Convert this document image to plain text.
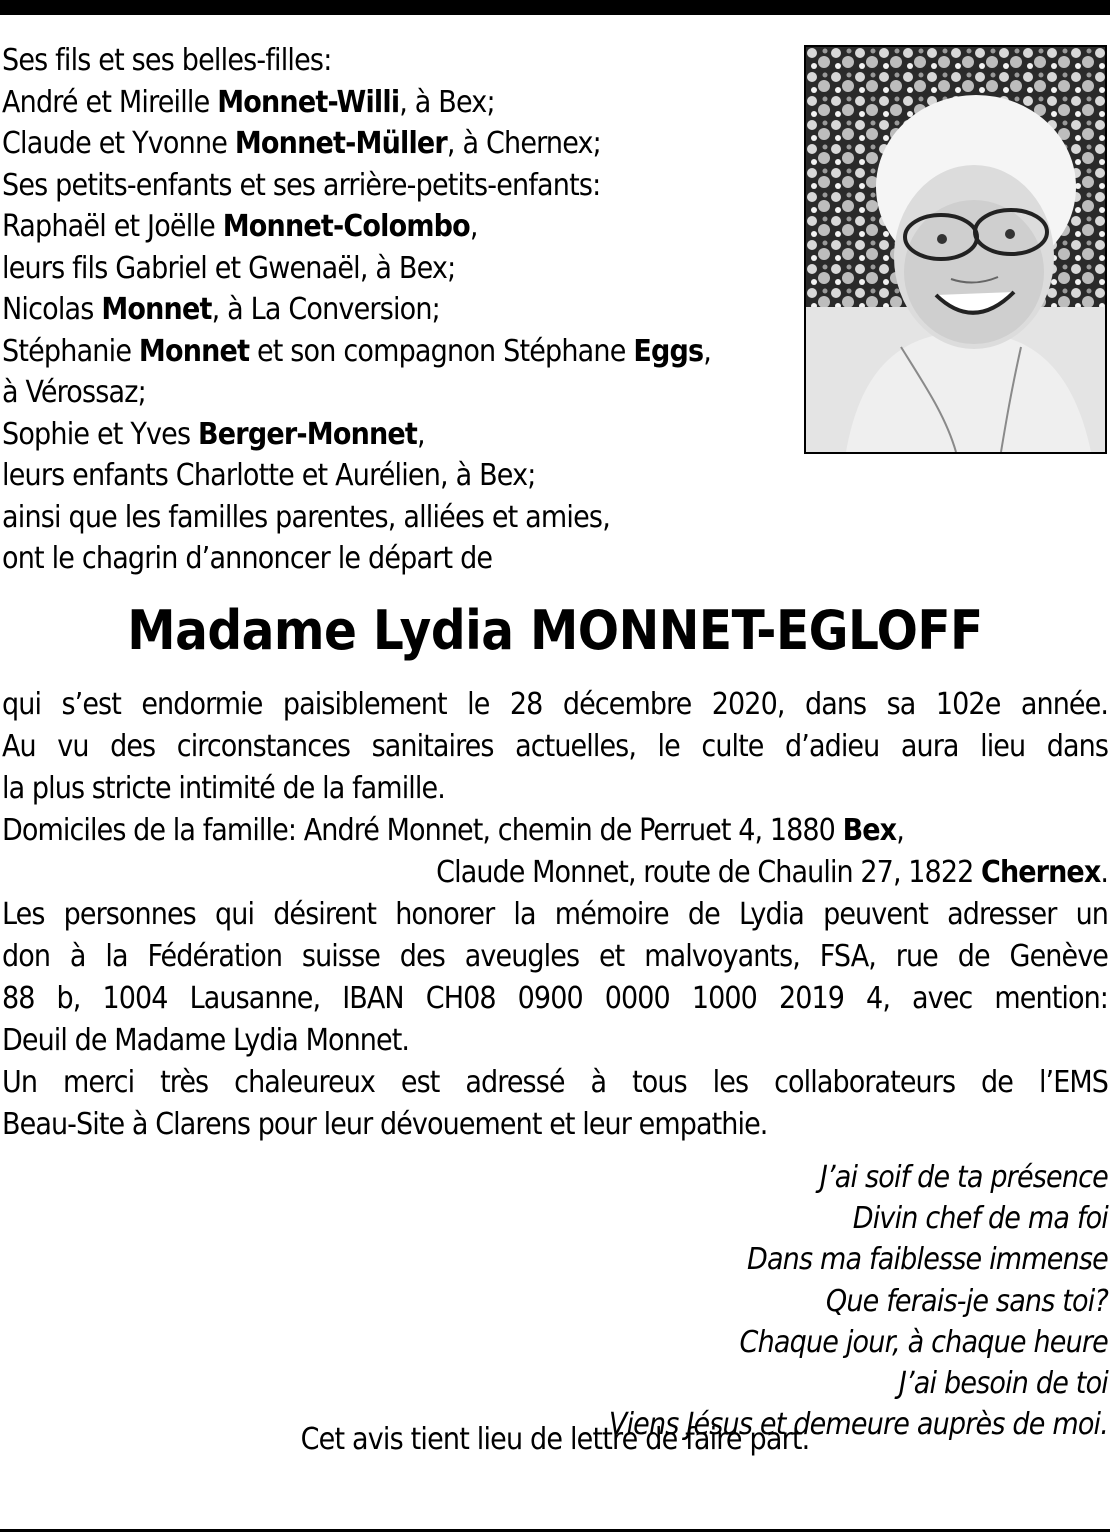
Ses fils et ses belles-filles:
André et Mireille Monnet-Willi, à Bex;
Claude et Yvonne Monnet-Müller, à Chernex;
Ses petits-enfants et ses arrière-petits-enfants:
Raphaël et Joëlle Monnet-Colombo,
leurs fils Gabriel et Gwenaël, à Bex;
Nicolas Monnet, à La Conversion;
Stéphanie Monnet et son compagnon Stéphane Eggs,
à Vérossaz;
Sophie et Yves Berger-Monnet,
leurs enfants Charlotte et Aurélien, à Bex;
ainsi que les familles parentes, alliées et amies,
ont le chagrin d’annoncer le départ de
Madame Lydia MONNET-EGLOFF
qui s’est endormie paisiblement le 28 décembre 2020, dans sa 102e année.
Au vu des circonstances sanitaires actuelles, le culte d’adieu aura lieu dans
la plus stricte intimité de la famille.
Domiciles de la famille: André Monnet, chemin de Perruet 4, 1880 Bex,
Claude Monnet, route de Chaulin 27, 1822 Chernex.
Les personnes qui désirent honorer la mémoire de Lydia peuvent adresser un
don à la Fédération suisse des aveugles et malvoyants, FSA, rue de Genève
88 b, 1004 Lausanne, IBAN CH08 0900 0000 1000 2019 4, avec mention:
Deuil de Madame Lydia Monnet.
Un merci très chaleureux est adressé à tous les collaborateurs de l’EMS
Beau-Site à Clarens pour leur dévouement et leur empathie.
J’ai soif de ta présence
Divin chef de ma foi
Dans ma faiblesse immense
Que ferais-je sans toi?
Chaque jour, à chaque heure
J’ai besoin de toi
Viens Jésus et demeure auprès de moi.
Cet avis tient lieu de lettre de faire part.
